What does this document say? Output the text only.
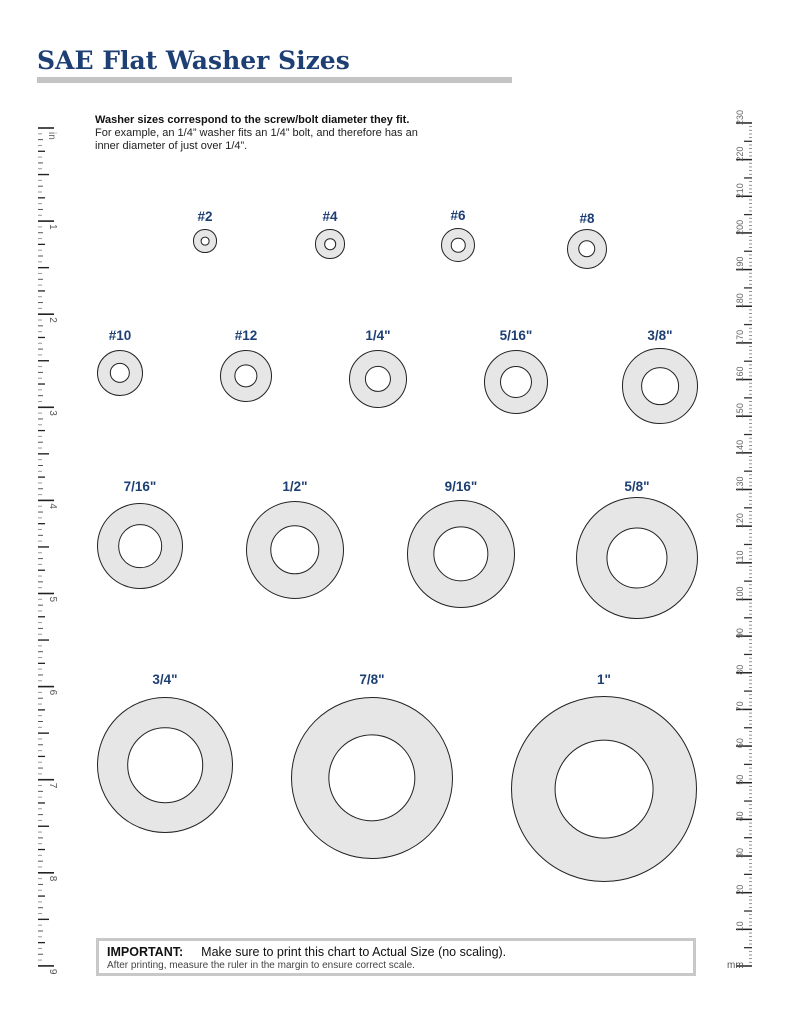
SAE Flat Washer Sizes
Washer sizes correspond to the screw/bolt diameter they fit. For example, an 1/4” washer fits an 1/4” bolt, and therefore has an inner diameter of just over 1/4”.
in
1
2
3
4
5
6
7
8
9
10
20
30
40
50
60
70
80
90
100
110
120
130
140
150
160
170
180
190
200
210
220
230
#2	#4	#6	#8
#10	#12	1/4"	5/16"	3/8"
7/16"	1/2"	9/16"	5/8"
3/4"	7/8"	1"
IMPORTANT: Make sure to print this chart to Actual Size (no scaling).
After printing, measure the ruler in the margin to ensure correct scale.	mm
